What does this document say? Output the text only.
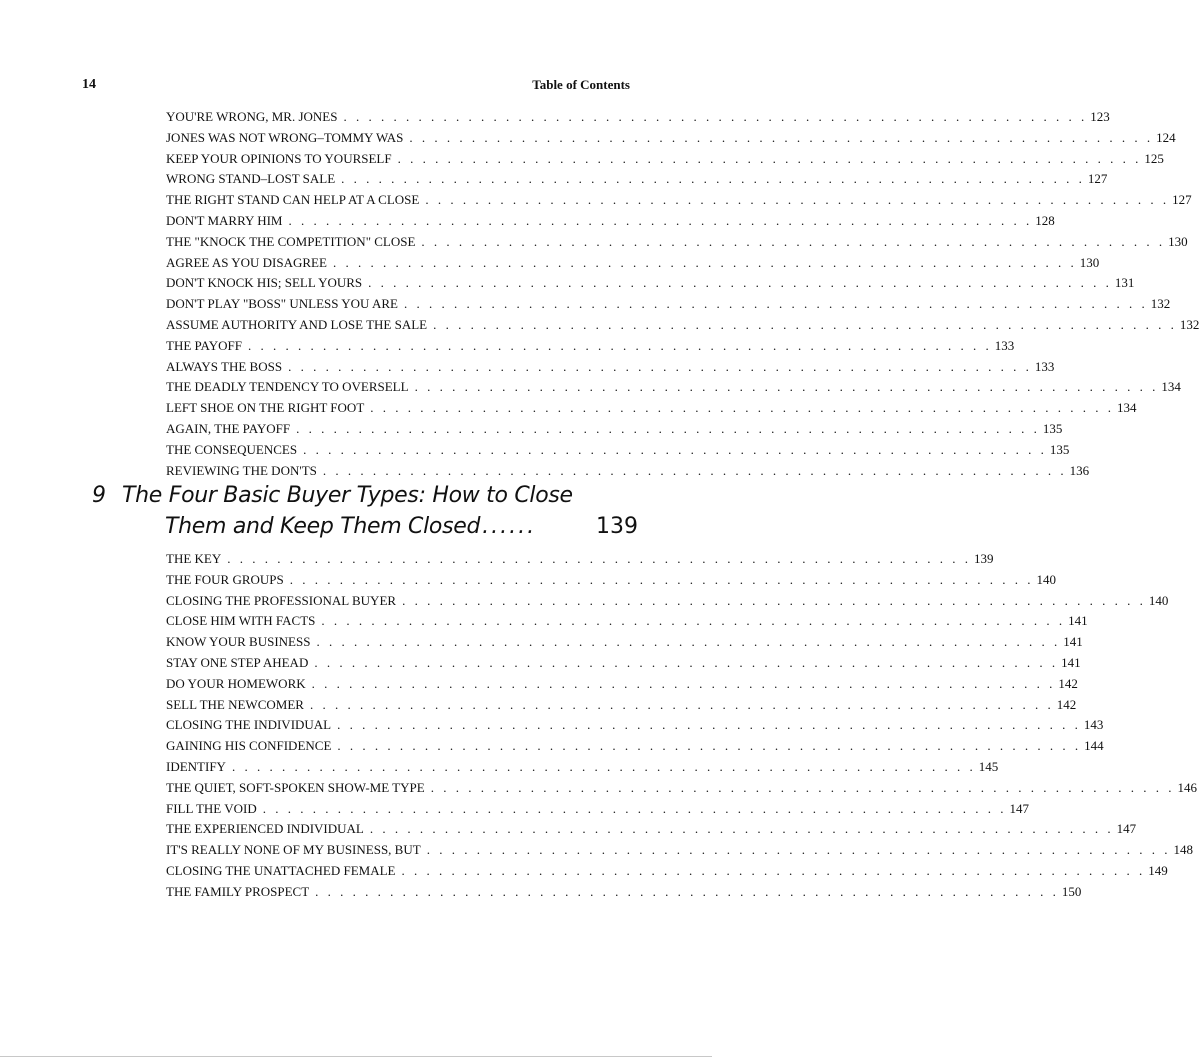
14	Table of Contents
YOU'RE WRONG, MR. JONES . . . . . . . . . . . . . . . . . . . . . . . . . . . . . . . . . . . . . . . . . . . . . . . . . . . . . . . . . . . . 123
JONES WAS NOT WRONG–TOMMY WAS . . . . . . . . . . . . . . . . . . . . . . . . . . . . . . . . . . . . . . . . . . . . . . . . . . . . . . . . . . . . 124
KEEP YOUR OPINIONS TO YOURSELF . . . . . . . . . . . . . . . . . . . . . . . . . . . . . . . . . . . . . . . . . . . . . . . . . . . . . . . . . . . . 125
WRONG STAND–LOST SALE . . . . . . . . . . . . . . . . . . . . . . . . . . . . . . . . . . . . . . . . . . . . . . . . . . . . . . . . . . . . 127
THE RIGHT STAND CAN HELP AT A CLOSE . . . . . . . . . . . . . . . . . . . . . . . . . . . . . . . . . . . . . . . . . . . . . . . . . . . . . . . . . . . . 127
DON'T MARRY HIM . . . . . . . . . . . . . . . . . . . . . . . . . . . . . . . . . . . . . . . . . . . . . . . . . . . . . . . . . . . . 128
THE "KNOCK THE COMPETITION" CLOSE . . . . . . . . . . . . . . . . . . . . . . . . . . . . . . . . . . . . . . . . . . . . . . . . . . . . . . . . . . . . 130
AGREE AS YOU DISAGREE . . . . . . . . . . . . . . . . . . . . . . . . . . . . . . . . . . . . . . . . . . . . . . . . . . . . . . . . . . . . 130
DON'T KNOCK HIS; SELL YOURS . . . . . . . . . . . . . . . . . . . . . . . . . . . . . . . . . . . . . . . . . . . . . . . . . . . . . . . . . . . . 131
DON'T PLAY "BOSS" UNLESS YOU ARE . . . . . . . . . . . . . . . . . . . . . . . . . . . . . . . . . . . . . . . . . . . . . . . . . . . . . . . . . . . . 132
ASSUME AUTHORITY AND LOSE THE SALE . . . . . . . . . . . . . . . . . . . . . . . . . . . . . . . . . . . . . . . . . . . . . . . . . . . . . . . . . . . . 132
THE PAYOFF . . . . . . . . . . . . . . . . . . . . . . . . . . . . . . . . . . . . . . . . . . . . . . . . . . . . . . . . . . . . 133
ALWAYS THE BOSS . . . . . . . . . . . . . . . . . . . . . . . . . . . . . . . . . . . . . . . . . . . . . . . . . . . . . . . . . . . . 133
THE DEADLY TENDENCY TO OVERSELL . . . . . . . . . . . . . . . . . . . . . . . . . . . . . . . . . . . . . . . . . . . . . . . . . . . . . . . . . . . . 134
LEFT SHOE ON THE RIGHT FOOT . . . . . . . . . . . . . . . . . . . . . . . . . . . . . . . . . . . . . . . . . . . . . . . . . . . . . . . . . . . . 134
AGAIN, THE PAYOFF . . . . . . . . . . . . . . . . . . . . . . . . . . . . . . . . . . . . . . . . . . . . . . . . . . . . . . . . . . . . 135
THE CONSEQUENCES . . . . . . . . . . . . . . . . . . . . . . . . . . . . . . . . . . . . . . . . . . . . . . . . . . . . . . . . . . . . 135
REVIEWING THE DON'TS . . . . . . . . . . . . . . . . . . . . . . . . . . . . . . . . . . . . . . . . . . . . . . . . . . . . . . . . . . . . 136
9 The Four Basic Buyer Types: How to Close
Them and Keep Them Closed......	139
THE KEY . . . . . . . . . . . . . . . . . . . . . . . . . . . . . . . . . . . . . . . . . . . . . . . . . . . . . . . . . . . . 139
THE FOUR GROUPS . . . . . . . . . . . . . . . . . . . . . . . . . . . . . . . . . . . . . . . . . . . . . . . . . . . . . . . . . . . . 140
CLOSING THE PROFESSIONAL BUYER . . . . . . . . . . . . . . . . . . . . . . . . . . . . . . . . . . . . . . . . . . . . . . . . . . . . . . . . . . . . 140
CLOSE HIM WITH FACTS . . . . . . . . . . . . . . . . . . . . . . . . . . . . . . . . . . . . . . . . . . . . . . . . . . . . . . . . . . . . 141
KNOW YOUR BUSINESS . . . . . . . . . . . . . . . . . . . . . . . . . . . . . . . . . . . . . . . . . . . . . . . . . . . . . . . . . . . . 141
STAY ONE STEP AHEAD . . . . . . . . . . . . . . . . . . . . . . . . . . . . . . . . . . . . . . . . . . . . . . . . . . . . . . . . . . . . 141
DO YOUR HOMEWORK . . . . . . . . . . . . . . . . . . . . . . . . . . . . . . . . . . . . . . . . . . . . . . . . . . . . . . . . . . . . 142
SELL THE NEWCOMER . . . . . . . . . . . . . . . . . . . . . . . . . . . . . . . . . . . . . . . . . . . . . . . . . . . . . . . . . . . . 142
CLOSING THE INDIVIDUAL . . . . . . . . . . . . . . . . . . . . . . . . . . . . . . . . . . . . . . . . . . . . . . . . . . . . . . . . . . . . 143
GAINING HIS CONFIDENCE . . . . . . . . . . . . . . . . . . . . . . . . . . . . . . . . . . . . . . . . . . . . . . . . . . . . . . . . . . . . 144
IDENTIFY . . . . . . . . . . . . . . . . . . . . . . . . . . . . . . . . . . . . . . . . . . . . . . . . . . . . . . . . . . . . 145
THE QUIET, SOFT-SPOKEN SHOW-ME TYPE . . . . . . . . . . . . . . . . . . . . . . . . . . . . . . . . . . . . . . . . . . . . . . . . . . . . . . . . . . . . 146
FILL THE VOID . . . . . . . . . . . . . . . . . . . . . . . . . . . . . . . . . . . . . . . . . . . . . . . . . . . . . . . . . . . . 147
THE EXPERIENCED INDIVIDUAL . . . . . . . . . . . . . . . . . . . . . . . . . . . . . . . . . . . . . . . . . . . . . . . . . . . . . . . . . . . . 147
IT'S REALLY NONE OF MY BUSINESS, BUT . . . . . . . . . . . . . . . . . . . . . . . . . . . . . . . . . . . . . . . . . . . . . . . . . . . . . . . . . . . . 148
CLOSING THE UNATTACHED FEMALE . . . . . . . . . . . . . . . . . . . . . . . . . . . . . . . . . . . . . . . . . . . . . . . . . . . . . . . . . . . . 149
THE FAMILY PROSPECT . . . . . . . . . . . . . . . . . . . . . . . . . . . . . . . . . . . . . . . . . . . . . . . . . . . . . . . . . . . . 150
